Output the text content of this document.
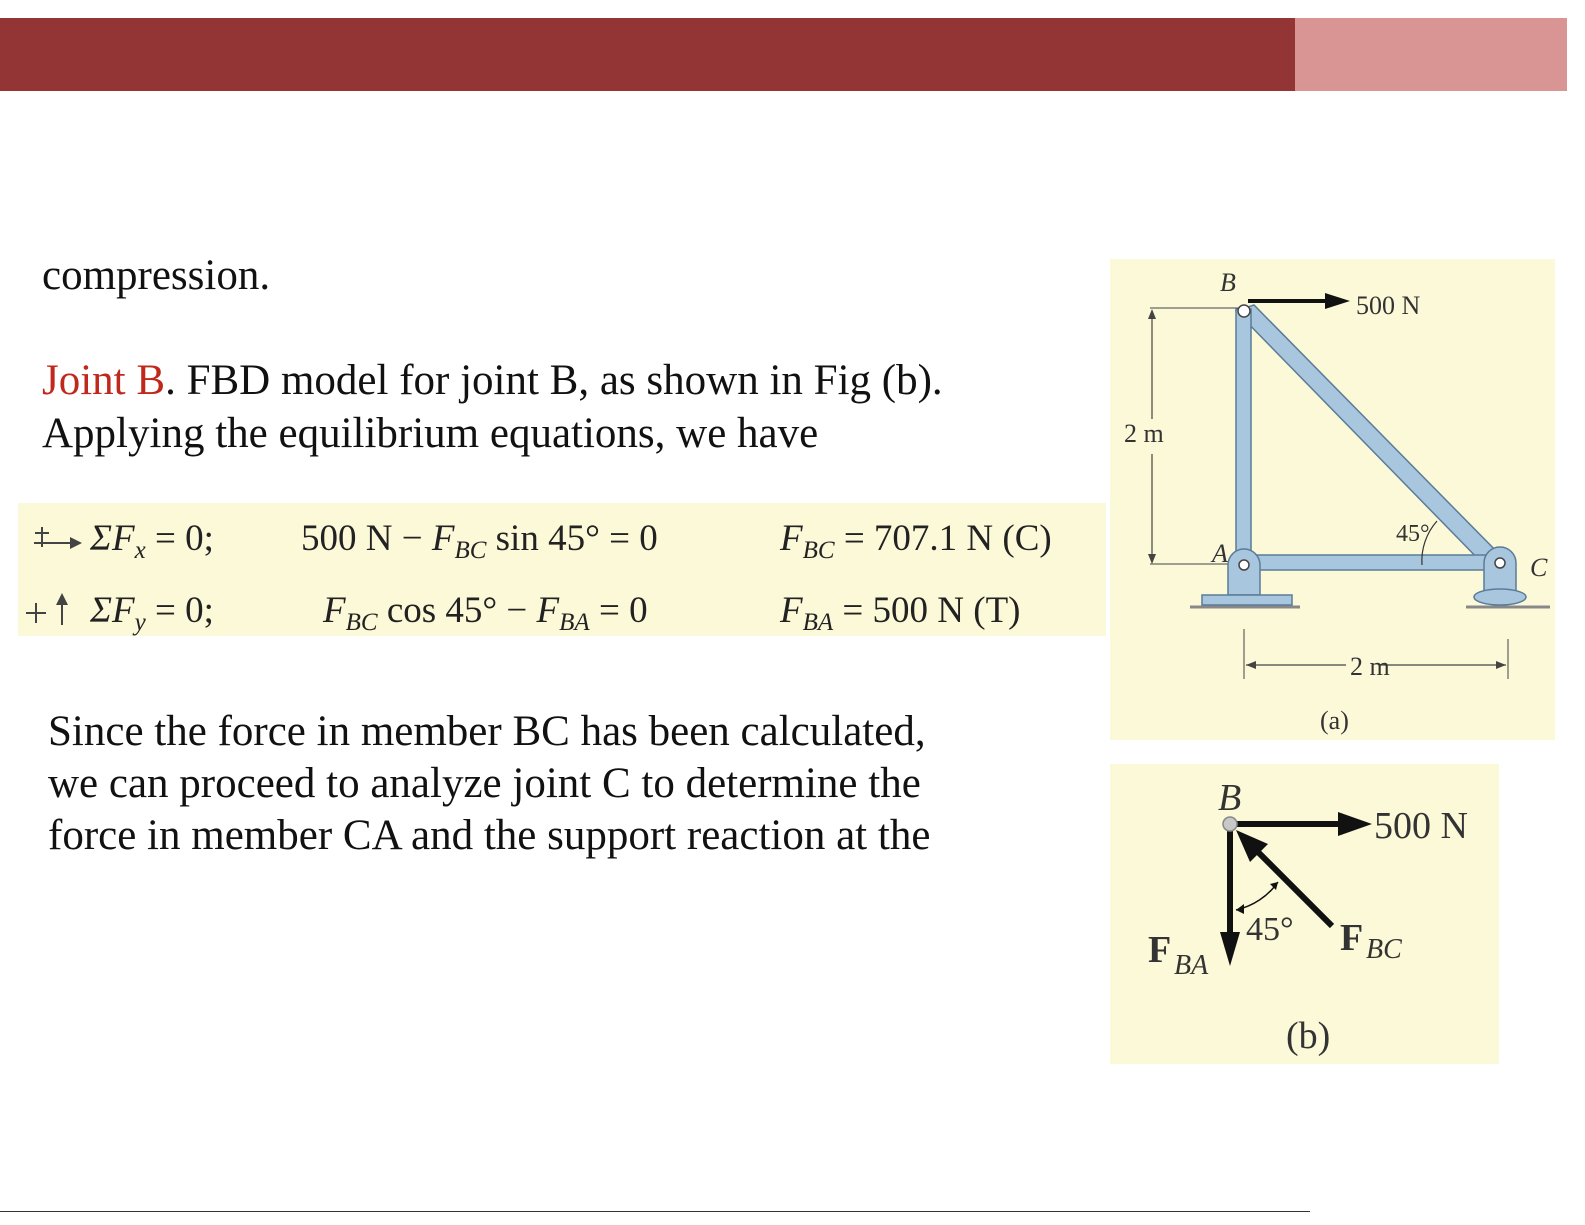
compression.
Joint B. FBD model for joint B, as shown in Fig (b).
Applying the equilibrium equations, we have
$\Sigma F_x = 0$; 500 $N - F_{BC}$ sin 45° = 0	$F_{BC} = 707.1$ N (C)
$\Sigma F_y = 0$;	$F_{BC}$ $\cos 45^\circ - F_{BA} = 0$	$F_{BA} = 500$ N (T)
Since the force in member BC has been calculated,
we can proceed to analyze joint C to determine the
force in member CA and the support reaction at the
B
500 N
2 m
45°
A	C
2 m
(a)
B
500 N
45° F BC
F BA
(b)
